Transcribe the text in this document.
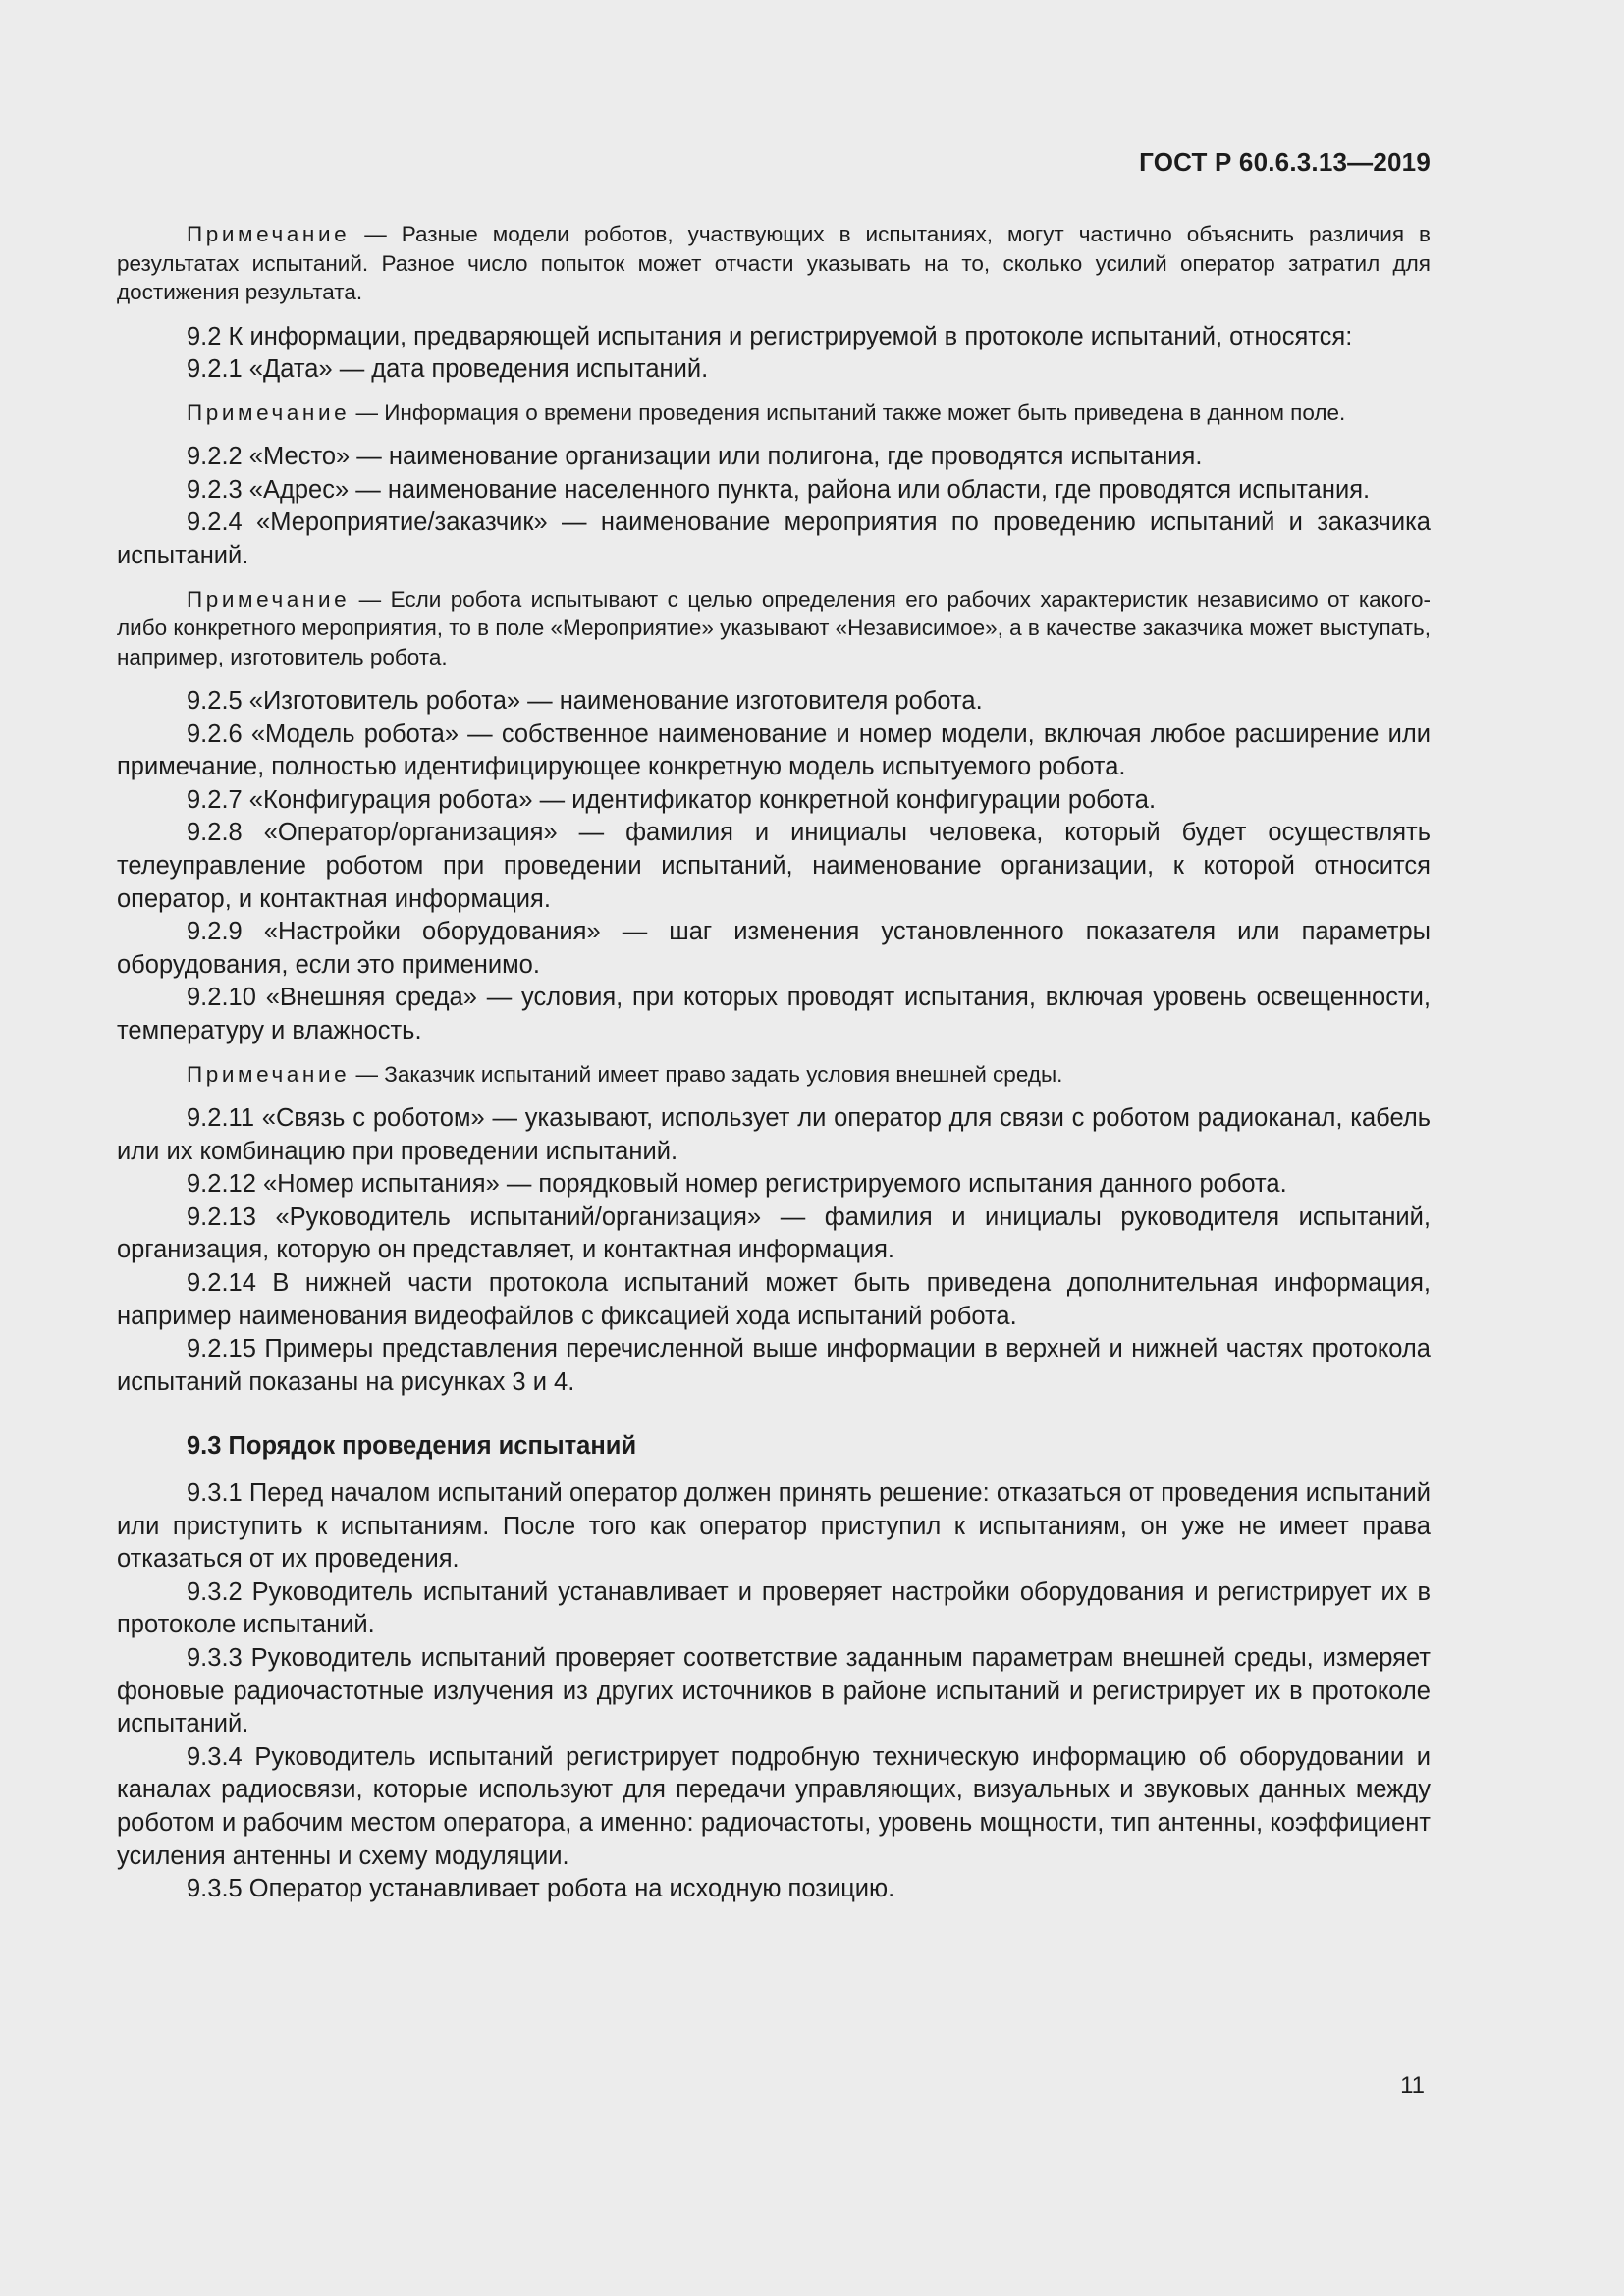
ГОСТ Р 60.6.3.13—2019

Примечание — Разные модели роботов, участвующих в испытаниях, могут частично объяснить различия в результатах испытаний. Разное число попыток может отчасти указывать на то, сколько усилий оператор затратил для достижения результата.

9.2 К информации, предваряющей испытания и регистрируемой в протоколе испытаний, относятся:

9.2.1 «Дата» — дата проведения испытаний.

Примечание — Информация о времени проведения испытаний также может быть приведена в данном поле.

9.2.2 «Место» — наименование организации или полигона, где проводятся испытания.

9.2.3 «Адрес» — наименование населенного пункта, района или области, где проводятся испытания.

9.2.4 «Мероприятие/заказчик» — наименование мероприятия по проведению испытаний и заказчика испытаний.

Примечание — Если робота испытывают с целью определения его рабочих характеристик независимо от какого-либо конкретного мероприятия, то в поле «Мероприятие» указывают «Независимое», а в качестве заказчика может выступать, например, изготовитель робота.

9.2.5 «Изготовитель робота» — наименование изготовителя робота.

9.2.6 «Модель робота» — собственное наименование и номер модели, включая любое расширение или примечание, полностью идентифицирующее конкретную модель испытуемого робота.

9.2.7 «Конфигурация робота» — идентификатор конкретной конфигурации робота.

9.2.8 «Оператор/организация» — фамилия и инициалы человека, который будет осуществлять телеуправление роботом при проведении испытаний, наименование организации, к которой относится оператор, и контактная информация.

9.2.9 «Настройки оборудования» — шаг изменения установленного показателя или параметры оборудования, если это применимо.

9.2.10 «Внешняя среда» — условия, при которых проводят испытания, включая уровень освещенности, температуру и влажность.

Примечание — Заказчик испытаний имеет право задать условия внешней среды.

9.2.11 «Связь с роботом» — указывают, использует ли оператор для связи с роботом радиоканал, кабель или их комбинацию при проведении испытаний.

9.2.12 «Номер испытания» — порядковый номер регистрируемого испытания данного робота.

9.2.13 «Руководитель испытаний/организация» — фамилия и инициалы руководителя испытаний, организация, которую он представляет, и контактная информация.

9.2.14 В нижней части протокола испытаний может быть приведена дополнительная информация, например наименования видеофайлов с фиксацией хода испытаний робота.

9.2.15 Примеры представления перечисленной выше информации в верхней и нижней частях протокола испытаний показаны на рисунках 3 и 4.

9.3 Порядок проведения испытаний

9.3.1 Перед началом испытаний оператор должен принять решение: отказаться от проведения испытаний или приступить к испытаниям. После того как оператор приступил к испытаниям, он уже не имеет права отказаться от их проведения.

9.3.2 Руководитель испытаний устанавливает и проверяет настройки оборудования и регистрирует их в протоколе испытаний.

9.3.3 Руководитель испытаний проверяет соответствие заданным параметрам внешней среды, измеряет фоновые радиочастотные излучения из других источников в районе испытаний и регистрирует их в протоколе испытаний.

9.3.4 Руководитель испытаний регистрирует подробную техническую информацию об оборудовании и каналах радиосвязи, которые используют для передачи управляющих, визуальных и звуковых данных между роботом и рабочим местом оператора, а именно: радиочастоты, уровень мощности, тип антенны, коэффициент усиления антенны и схему модуляции.

9.3.5 Оператор устанавливает робота на исходную позицию.

11
